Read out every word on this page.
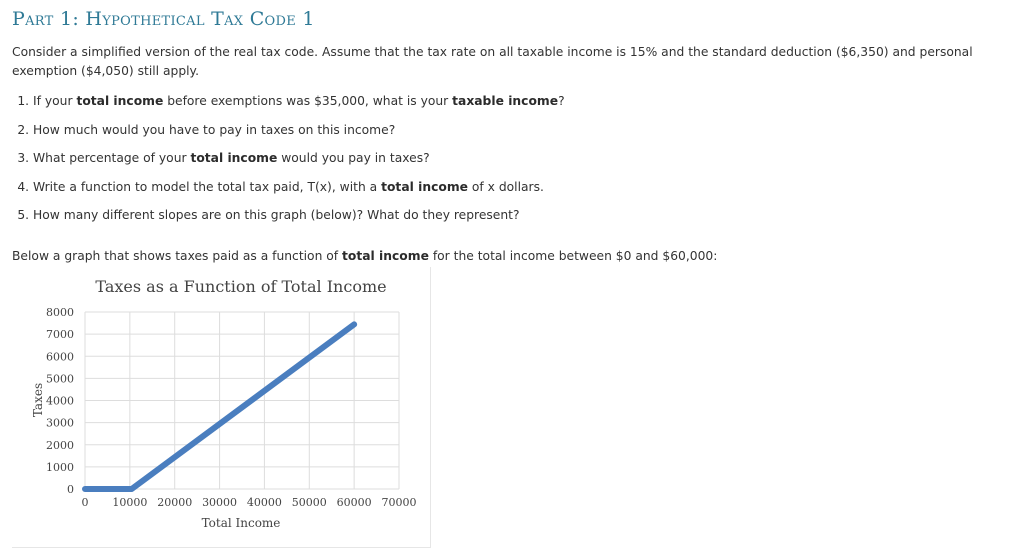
Part 1: Hypothetical Tax Code 1

Consider a simplified version of the real tax code. Assume that the tax rate on all taxable income is 15% and the standard deduction ($6,350) and personal exemption ($4,050) still apply.

1. If your total income before exemptions was $35,000, what is your taxable income?
2. How much would you have to pay in taxes on this income?
3. What percentage of your total income would you pay in taxes?
4. Write a function to model the total tax paid, T(x), with a total income of x dollars.
5. How many different slopes are on this graph (below)? What do they represent?

Below a graph that shows taxes paid as a function of total income for the total income between $0 and $60,000:

Taxes as a Function of Total Income
0 10000 20000 30000 40000 50000 60000 70000
0
1000
2000
3000
4000
5000
6000
7000
8000
Total Income
Taxes
